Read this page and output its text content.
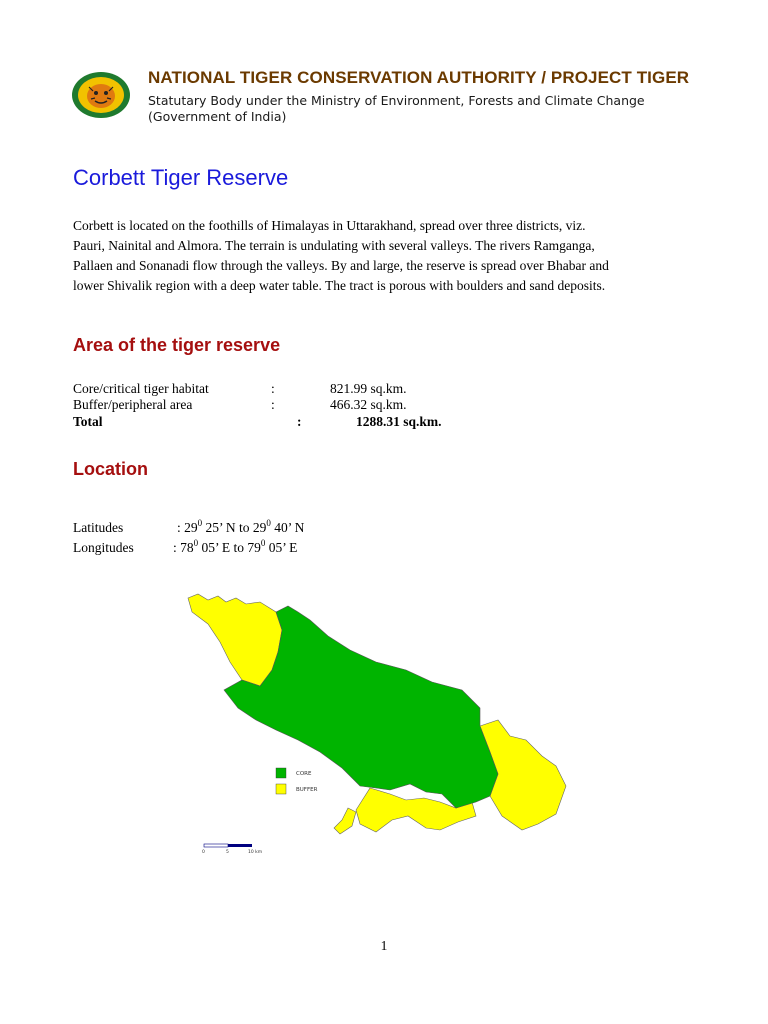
NATIONAL TIGER CONSERVATION AUTHORITY / PROJECT TIGER
Statutary Body under the Ministry of Environment, Forests and Climate Change
(Government of India)
Corbett Tiger Reserve
Corbett is located on the foothills of Himalayas in Uttarakhand, spread over three districts, viz.
Pauri, Nainital and Almora. The terrain is undulating with several valleys. The rivers Ramganga,
Pallaen and Sonanadi flow through the valleys. By and large, the reserve is spread over Bhabar and
lower Shivalik region with a deep water table. The tract is porous with boulders and sand deposits.
Area of the tiger reserve
Core/critical tiger habitat	:	821.99 sq.km.
Buffer/peripheral area	:	466.32 sq.km.
Total	:	1288.31 sq.km.
Location
Latitudes	: $29^0$ 25’ N to $29^0$ 40’ N
Longitudes	: $78^0$ 05’ E to $79^0$ 05’ E
CORE
BUFFER
0	5	10 km
1
